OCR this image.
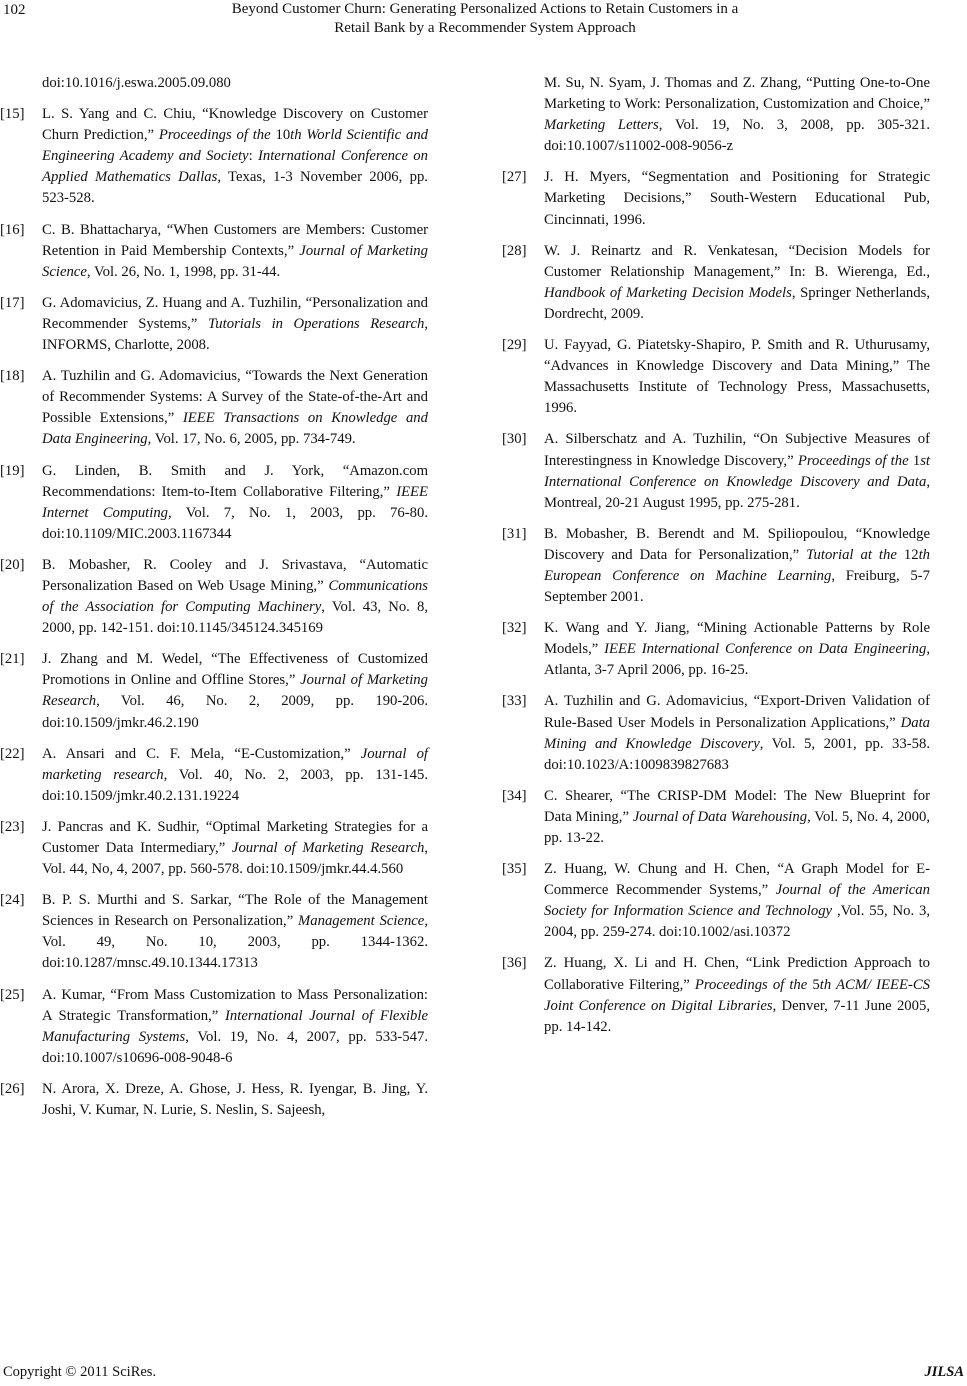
102	Beyond Customer Churn: Generating Personalized Actions to Retain Customers in a
Retail Bank by a Recommender System Approach
doi:10.1016/j.eswa.2005.09.080
[15]	L. S. Yang and C. Chiu, “Knowledge Discovery on Customer Churn Prediction,” Proceedings of the 10th World Scientific and Engineering Academy and Society: International Conference on Applied Mathematics Dallas, Texas, 1-3 November 2006, pp. 523-528.
[16]	C. B. Bhattacharya, “When Customers are Members: Customer Retention in Paid Membership Contexts,” Journal of Marketing Science, Vol. 26, No. 1, 1998, pp. 31-44.
[17]	G. Adomavicius, Z. Huang and A. Tuzhilin, “Personalization and Recommender Systems,” Tutorials in Operations Research, INFORMS, Charlotte, 2008.
[18]	A. Tuzhilin and G. Adomavicius, “Towards the Next Generation of Recommender Systems: A Survey of the State-of-the-Art and Possible Extensions,” IEEE Transactions on Knowledge and Data Engineering, Vol. 17, No. 6, 2005, pp. 734-749.
[19]	G. Linden, B. Smith and J. York, “Amazon.com Recommendations: Item-to-Item Collaborative Filtering,” IEEE Internet Computing, Vol. 7, No. 1, 2003, pp. 76-80. doi:10.1109/MIC.2003.1167344
[20]	B. Mobasher, R. Cooley and J. Srivastava, “Automatic Personalization Based on Web Usage Mining,” Communications of the Association for Computing Machinery, Vol. 43, No. 8, 2000, pp. 142-151. doi:10.1145/345124.345169
[21]	J. Zhang and M. Wedel, “The Effectiveness of Customized Promotions in Online and Offline Stores,” Journal of Marketing Research, Vol. 46, No. 2, 2009, pp. 190-206. doi:10.1509/jmkr.46.2.190
[22]	A. Ansari and C. F. Mela, “E-Customization,” Journal of marketing research, Vol. 40, No. 2, 2003, pp. 131-145. doi:10.1509/jmkr.40.2.131.19224
[23]	J. Pancras and K. Sudhir, “Optimal Marketing Strategies for a Customer Data Intermediary,” Journal of Marketing Research, Vol. 44, No, 4, 2007, pp. 560-578. doi:10.1509/jmkr.44.4.560
[24]	B. P. S. Murthi and S. Sarkar, “The Role of the Management Sciences in Research on Personalization,” Management Science, Vol. 49, No. 10, 2003, pp. 1344-1362. doi:10.1287/mnsc.49.10.1344.17313
[25]	A. Kumar, “From Mass Customization to Mass Personalization: A Strategic Transformation,” International Journal of Flexible Manufacturing Systems, Vol. 19, No. 4, 2007, pp. 533-547. doi:10.1007/s10696-008-9048-6
[26]	N. Arora, X. Dreze, A. Ghose, J. Hess, R. Iyengar, B. Jing, Y. Joshi, V. Kumar, N. Lurie, S. Neslin, S. Sajeesh,
M. Su, N. Syam, J. Thomas and Z. Zhang, “Putting One-to-One Marketing to Work: Personalization, Customization and Choice,” Marketing Letters, Vol. 19, No. 3, 2008, pp. 305-321. doi:10.1007/s11002-008-9056-z
[27]	J. H. Myers, “Segmentation and Positioning for Strategic Marketing Decisions,” South-Western Educational Pub, Cincinnati, 1996.
[28]	W. J. Reinartz and R. Venkatesan, “Decision Models for Customer Relationship Management,” In: B. Wierenga, Ed., Handbook of Marketing Decision Models, Springer Netherlands, Dordrecht, 2009.
[29]	U. Fayyad, G. Piatetsky-Shapiro, P. Smith and R. Uthurusamy, “Advances in Knowledge Discovery and Data Mining,” The Massachusetts Institute of Technology Press, Massachusetts, 1996.
[30]	A. Silberschatz and A. Tuzhilin, “On Subjective Measures of Interestingness in Knowledge Discovery,” Proceedings of the 1st International Conference on Knowledge Discovery and Data, Montreal, 20-21 August 1995, pp. 275-281.
[31]	B. Mobasher, B. Berendt and M. Spiliopoulou, “Knowledge Discovery and Data for Personalization,” Tutorial at the 12th European Conference on Machine Learning, Freiburg, 5-7 September 2001.
[32]	K. Wang and Y. Jiang, “Mining Actionable Patterns by Role Models,” IEEE International Conference on Data Engineering, Atlanta, 3-7 April 2006, pp. 16-25.
[33]	A. Tuzhilin and G. Adomavicius, “Export-Driven Validation of Rule-Based User Models in Personalization Applications,” Data Mining and Knowledge Discovery, Vol. 5, 2001, pp. 33-58. doi:10.1023/A:1009839827683
[34]	C. Shearer, “The CRISP-DM Model: The New Blueprint for Data Mining,” Journal of Data Warehousing, Vol. 5, No. 4, 2000, pp. 13-22.
[35]	Z. Huang, W. Chung and H. Chen, “A Graph Model for E-Commerce Recommender Systems,” Journal of the American Society for Information Science and Technology ,Vol. 55, No. 3, 2004, pp. 259-274. doi:10.1002/asi.10372
[36]	Z. Huang, X. Li and H. Chen, “Link Prediction Approach to Collaborative Filtering,” Proceedings of the 5th ACM/ IEEE-CS Joint Conference on Digital Libraries, Denver, 7-11 June 2005, pp. 14-142.
Copyright © 2011 SciRes.	JILSA
